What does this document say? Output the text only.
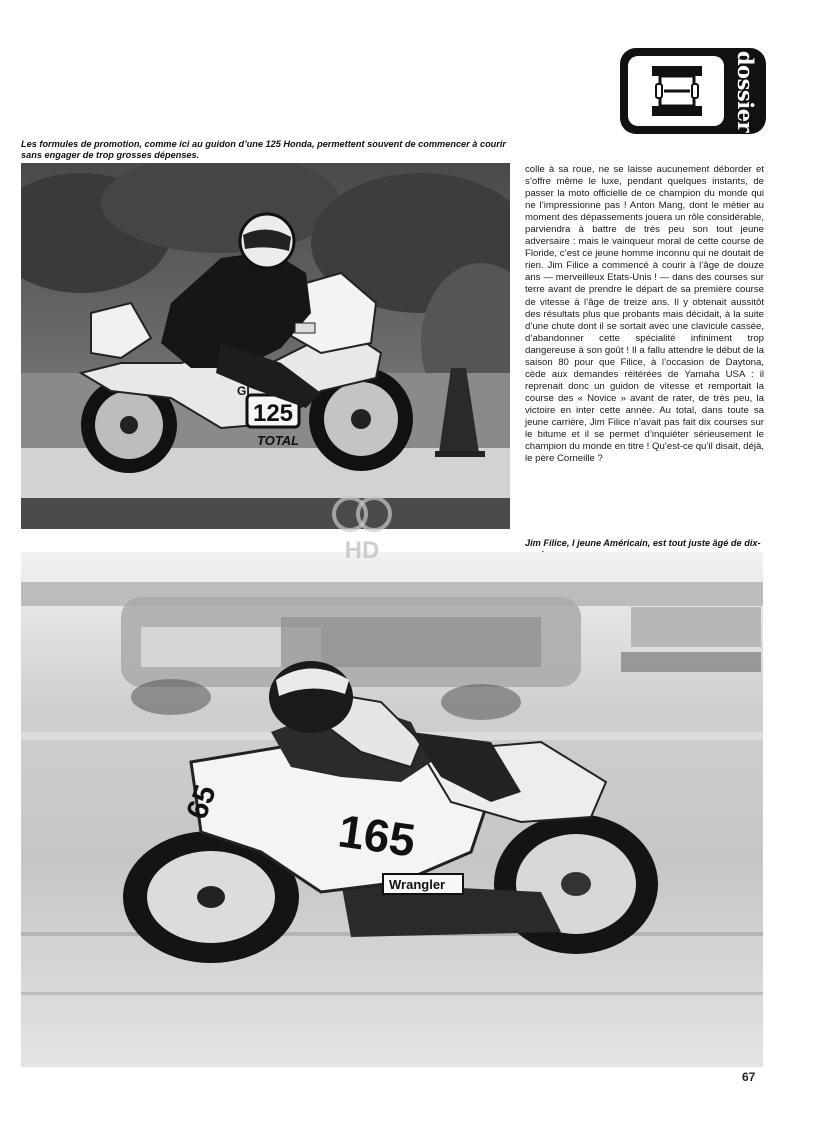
dossier
Les formules de promotion, comme ici au guidon d’une 125 Honda, permettent souvent de commencer à courir sans engager de trop grosses dépenses.
125
TOTAL
GI

colle à sa roue, ne se laisse aucunement déborder et s’offre même le luxe, pendant quelques instants, de passer la moto officielle de ce champion du monde qui ne l’impressionne pas ! Anton Mang, dont le métier au moment des dépassements jouera un rôle considérable, parviendra à battre de très peu son tout jeune adversaire : mais le vainqueur moral de cette course de Floride, c’est ce jeune homme inconnu qui ne doutait de rien. Jim Filice a commencé à courir à l’âge de douze ans — merveilleux Etats-Unis ! — dans des courses sur terre avant de prendre le départ de sa première course de vitesse à l’âge de treize ans. Il y obtenait aussitôt des résultats plus que probants mais décidait, à la suite d’une chute dont il se sortait avec une clavicule cassée, d’abandonner cette spécialité infiniment trop dangereuse à son goût ! Il a fallu attendre le début de la saison 80 pour que Filice, à l’occasion de Daytona, cède aux demandes réitérées de Yamaha USA : il reprenait donc un guidon de vitesse et remportait la course des « Novice » avant de rater, de très peu, la victoire en inter cette année. Au total, dans toute sa jeune carrière, Jim Filice n’avait pas fait dix courses sur le bitume et il se permet d’inquiéter sérieusement le champion du monde en titre ! Qu’est-ce qu’il disait, déjà, le père Corneille ?

Jim Filice, l jeune Américain, est tout juste âgé de dix-
165
65
Wrangler
HD
67
